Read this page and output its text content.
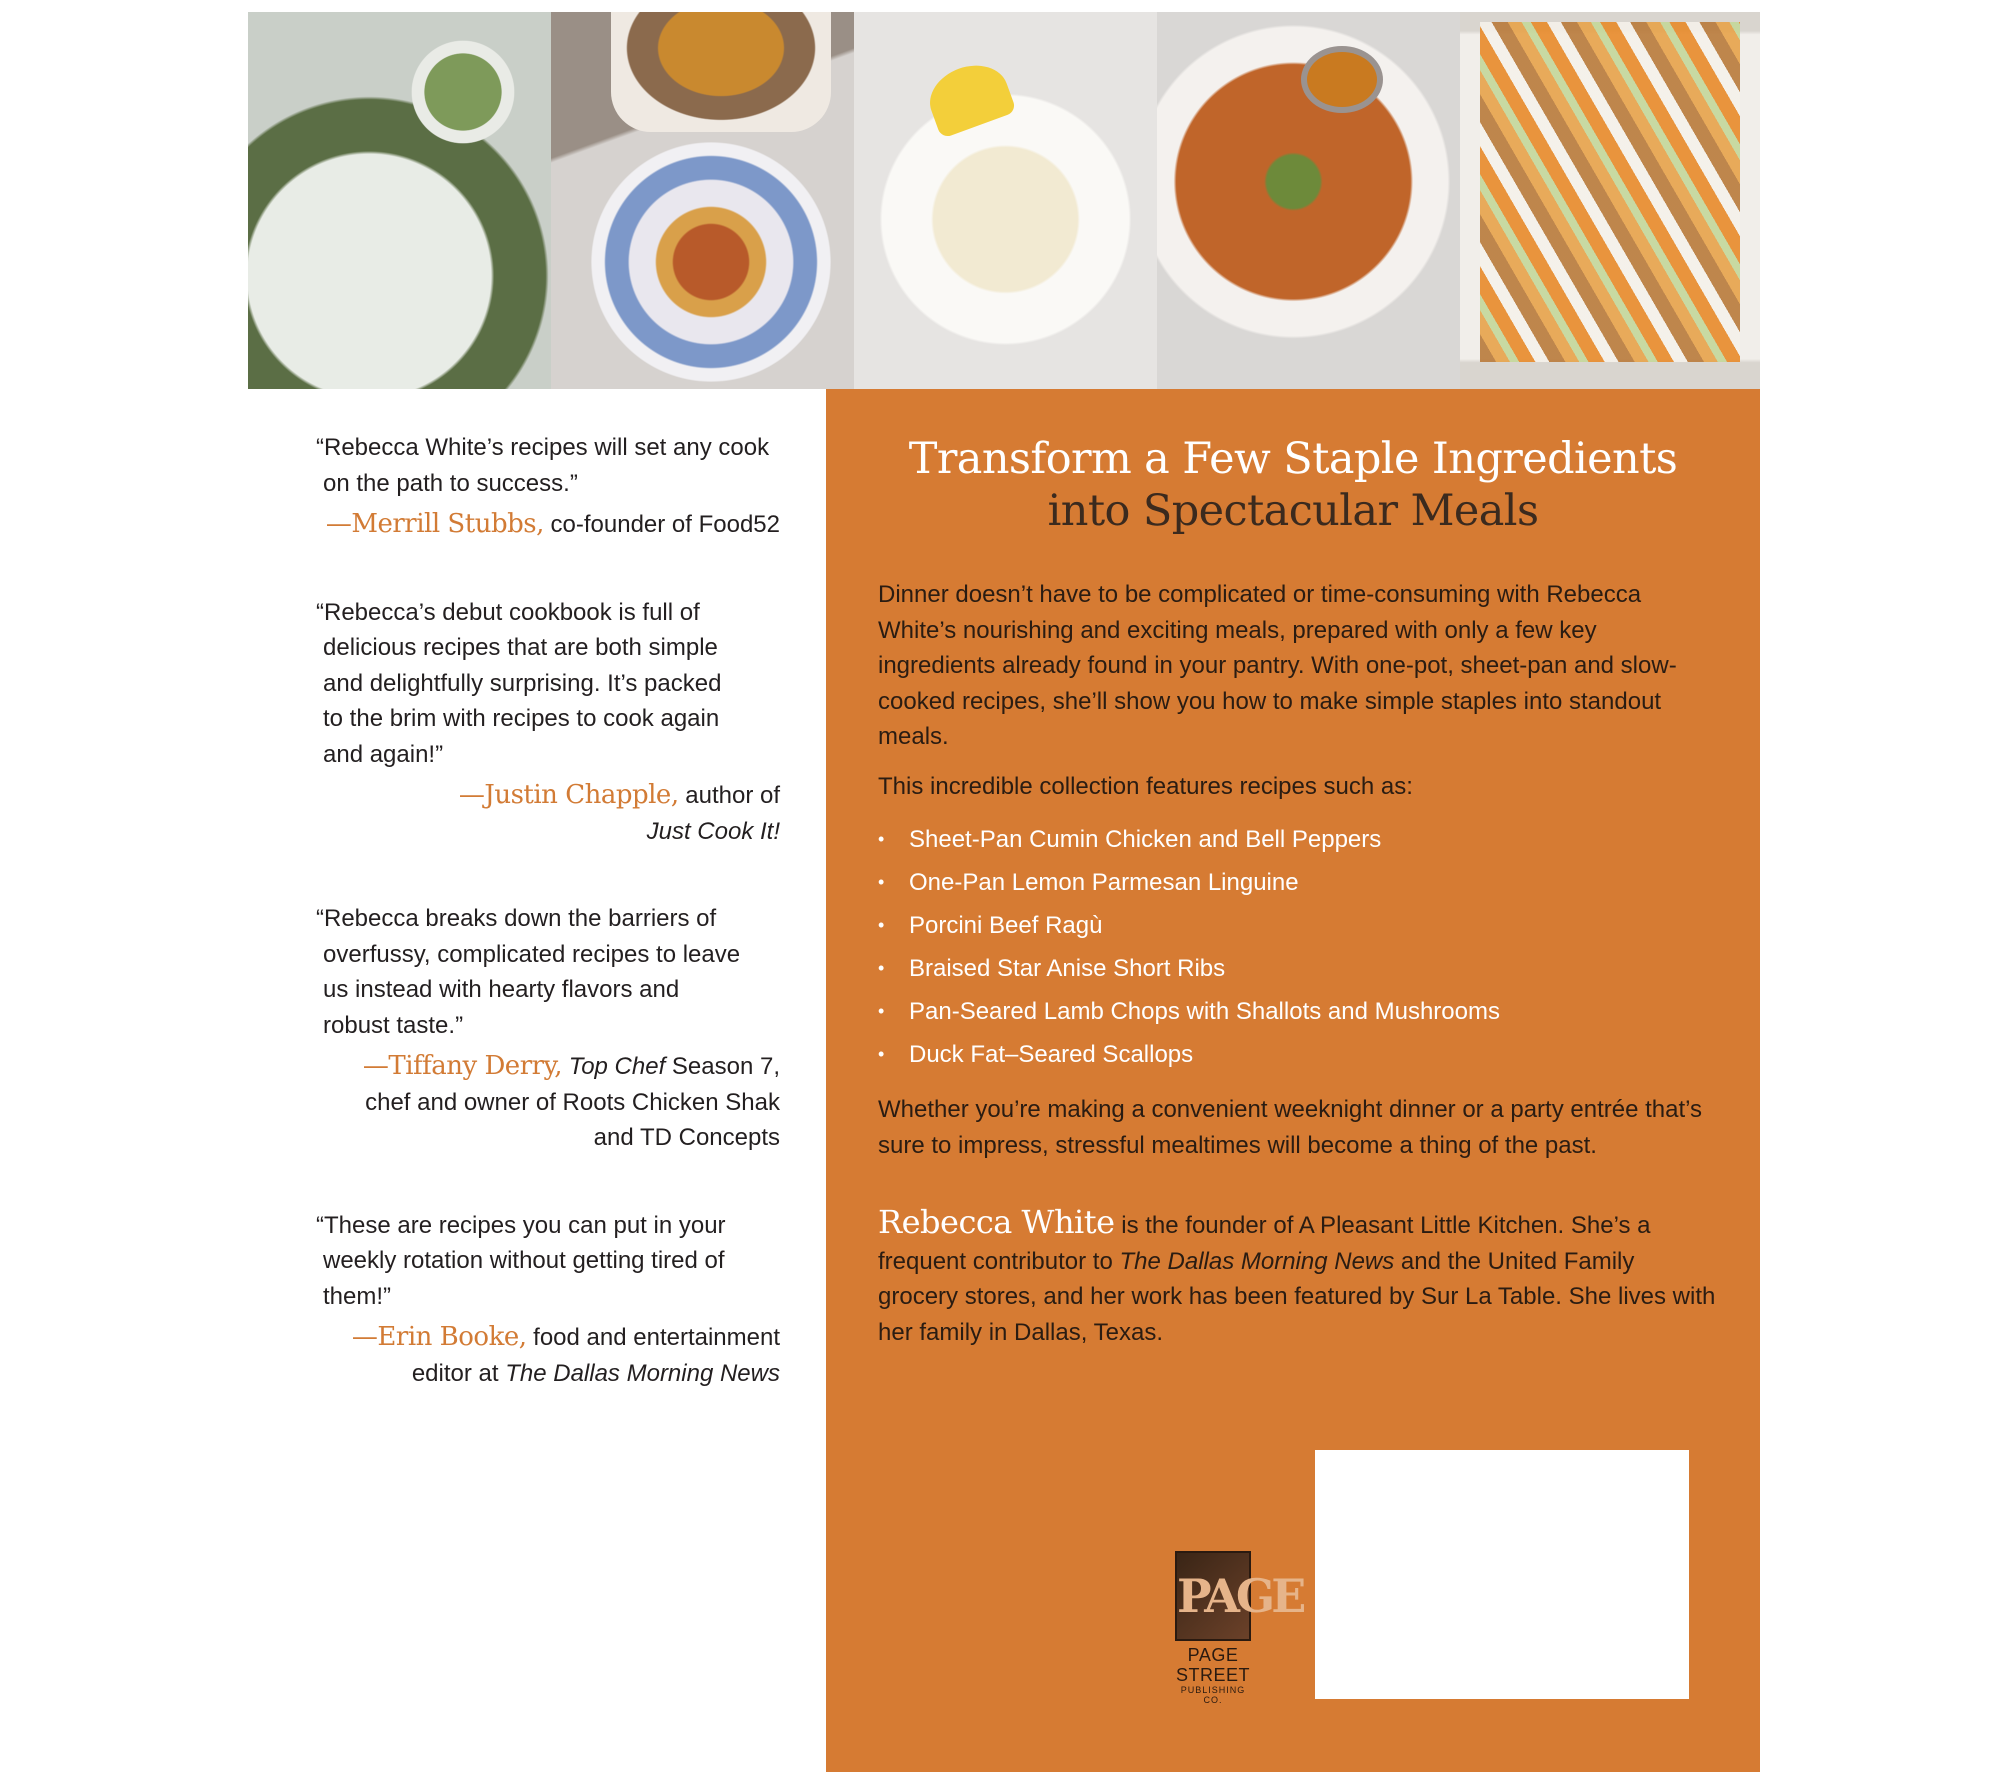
“Rebecca White’s recipes will set any cook on the path to success.”

—Merrill Stubbs, co-founder of Food52

“Rebecca’s debut cookbook is full of delicious recipes that are both simple and delightfully surprising. It’s packed to the brim with recipes to cook again and again!”

—Justin Chapple, author of
Just Cook It!

“Rebecca breaks down the barriers of overfussy, complicated recipes to leave us instead with hearty flavors and robust taste.”

—Tiffany Derry, Top Chef Season 7,
chef and owner of Roots Chicken Shak
and TD Concepts

“These are recipes you can put in your weekly rotation without getting tired of them!”

—Erin Booke, food and entertainment
editor at The Dallas Morning News
Transform a Few Staple Ingredients
into Spectacular Meals

Dinner doesn’t have to be complicated or time-consuming with Rebecca White’s nourishing and exciting meals, prepared with only a few key ingredients already found in your pantry. With one-pot, sheet-pan and slow-cooked recipes, she’ll show you how to make simple staples into standout meals.

This incredible collection features recipes such as:

• Sheet-Pan Cumin Chicken and Bell Peppers
• One-Pan Lemon Parmesan Linguine
• Porcini Beef Ragù
• Braised Star Anise Short Ribs
• Pan-Seared Lamb Chops with Shallots and Mushrooms
• Duck Fat–Seared Scallops

Whether you’re making a convenient weeknight dinner or a party entrée that’s sure to impress, stressful mealtimes will become a thing of the past.

Rebecca White is the founder of A Pleasant Little Kitchen. She’s a frequent contributor to The Dallas Morning News and the United Family grocery stores, and her work has been featured by Sur La Table. She lives with her family in Dallas, Texas.

PAGE
PAGE STREET
PUBLISHING CO.
